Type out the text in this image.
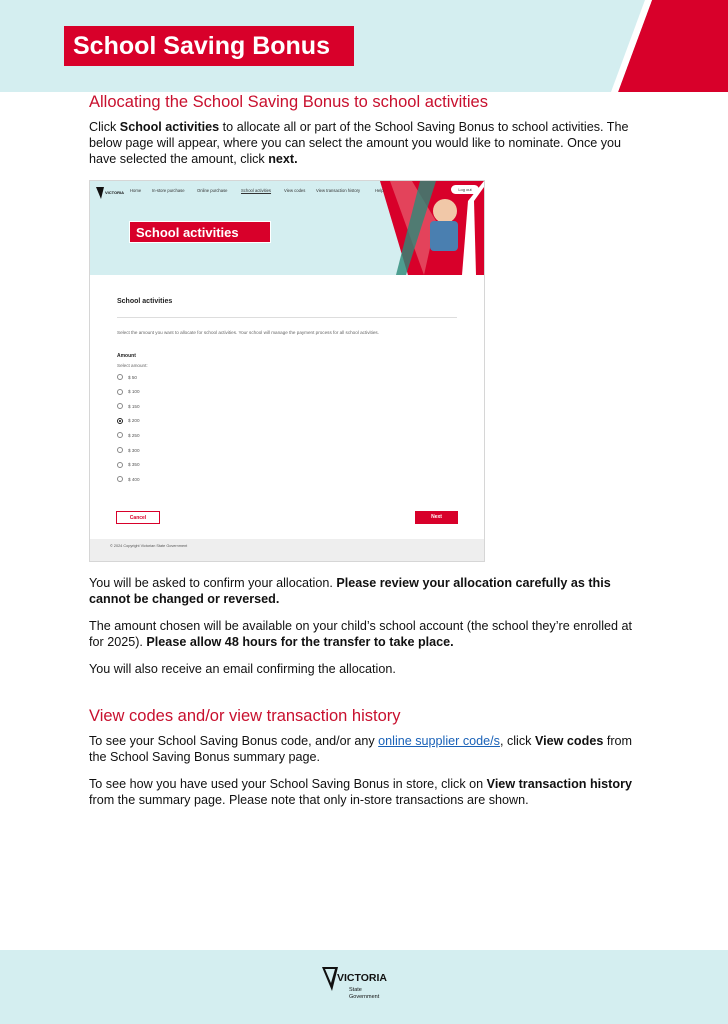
School Saving Bonus
Allocating the School Saving Bonus to school activities
Click School activities to allocate all or part of the School Saving Bonus to school activities. The below page will appear, where you can select the amount you would like to nominate. Once you have selected the amount, click next.
VICTORIA Home	In-store purchase	Online purchase	School activities	View codes	View transaction history	Help	Log out
School activities
School activities
Select the amount you want to allocate for school activities. Your school will manage the payment process for all school activities.
Amount
Select amount:
$ 50
$ 100
$ 150
$ 200
$ 250
$ 300
$ 350
$ 400
Cancel	Next
© 2024 Copyright Victorian State Government
You will be asked to confirm your allocation. Please review your allocation carefully as this cannot be changed or reversed.
The amount chosen will be available on your child’s school account (the school they’re enrolled at for 2025). Please allow 48 hours for the transfer to take place.
You will also receive an email confirming the allocation.
View codes and/or view transaction history
To see your School Saving Bonus code, and/or any online supplier code/s, click View codes from the School Saving Bonus summary page.
To see how you have used your School Saving Bonus in store, click on View transaction history from the summary page. Please note that only in-store transactions are shown.
VICTORIA
State
Government
